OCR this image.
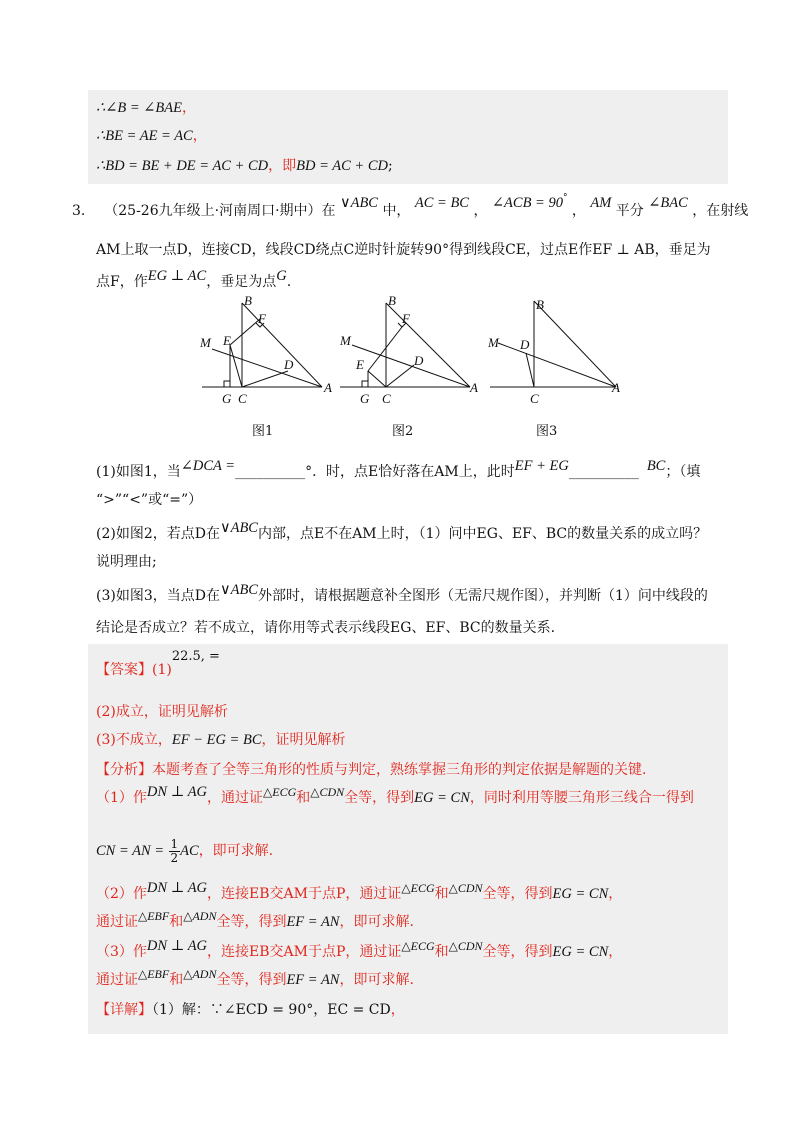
∴∠B = ∠BAE，
∴BE = AE = AC，
∴BD = BE + DE = AC + CD，即BD = AC + CD;
3. （25-26九年级上·河南周口·期中）在 ∨ABC 中， AC = BC ， ∠ACB = 90° ， AM 平分 ∠BAC ，在射线
AM上取一点D，连接CD，线段CD绕点C逆时针旋转90°得到线段CE，过点E作EF ⊥ AB，垂足为
点F，作EG ⊥ AC，垂足为点G.
B
F
M E
D
A
G C
B
F
M
E	D
A
G C
B
M D
A
C
图1	图2	图3
(1)如图1，当∠DCA =__________°．时，点E恰好落在AM上，此时EF + EG__________ BC；（填
“>”“<”或“=”）
(2)如图2，若点D在∨ABC内部，点E不在AM上时，（1）问中EG、EF、BC的数量关系的成立吗？
说明理由;
(3)如图3，当点D在∨ABC外部时，请根据题意补全图形（无需尺规作图），并判断（1）问中线段的
结论是否成立？若不成立，请你用等式表示线段EG、EF、BC的数量关系.
【答案】(1)22.5, =
(2)成立，证明见解析
(3)不成立，EF − EG = BC，证明见解析
【分析】本题考查了全等三角形的性质与判定，熟练掌握三角形的判定依据是解题的关键.
（1）作DN ⊥ AG，通过证△ECG和△CDN全等，得到EG = CN，同时利用等腰三角形三线合一得到
CN = AN = $\frac{1}{2}$ AC，即可求解.
（2）作DN ⊥ AG，连接EB交AM于点P，通过证△ECG和△CDN全等，得到EG = CN，
通过证△EBF和△ADN全等，得到EF = AN，即可求解.
（3）作DN ⊥ AG，连接EB交AM于点P，通过证△ECG和△CDN全等，得到EG = CN，
通过证△EBF和△ADN全等，得到EF = AN，即可求解.
【详解】（1）解：∵∠ECD = 90°，EC = CD，
